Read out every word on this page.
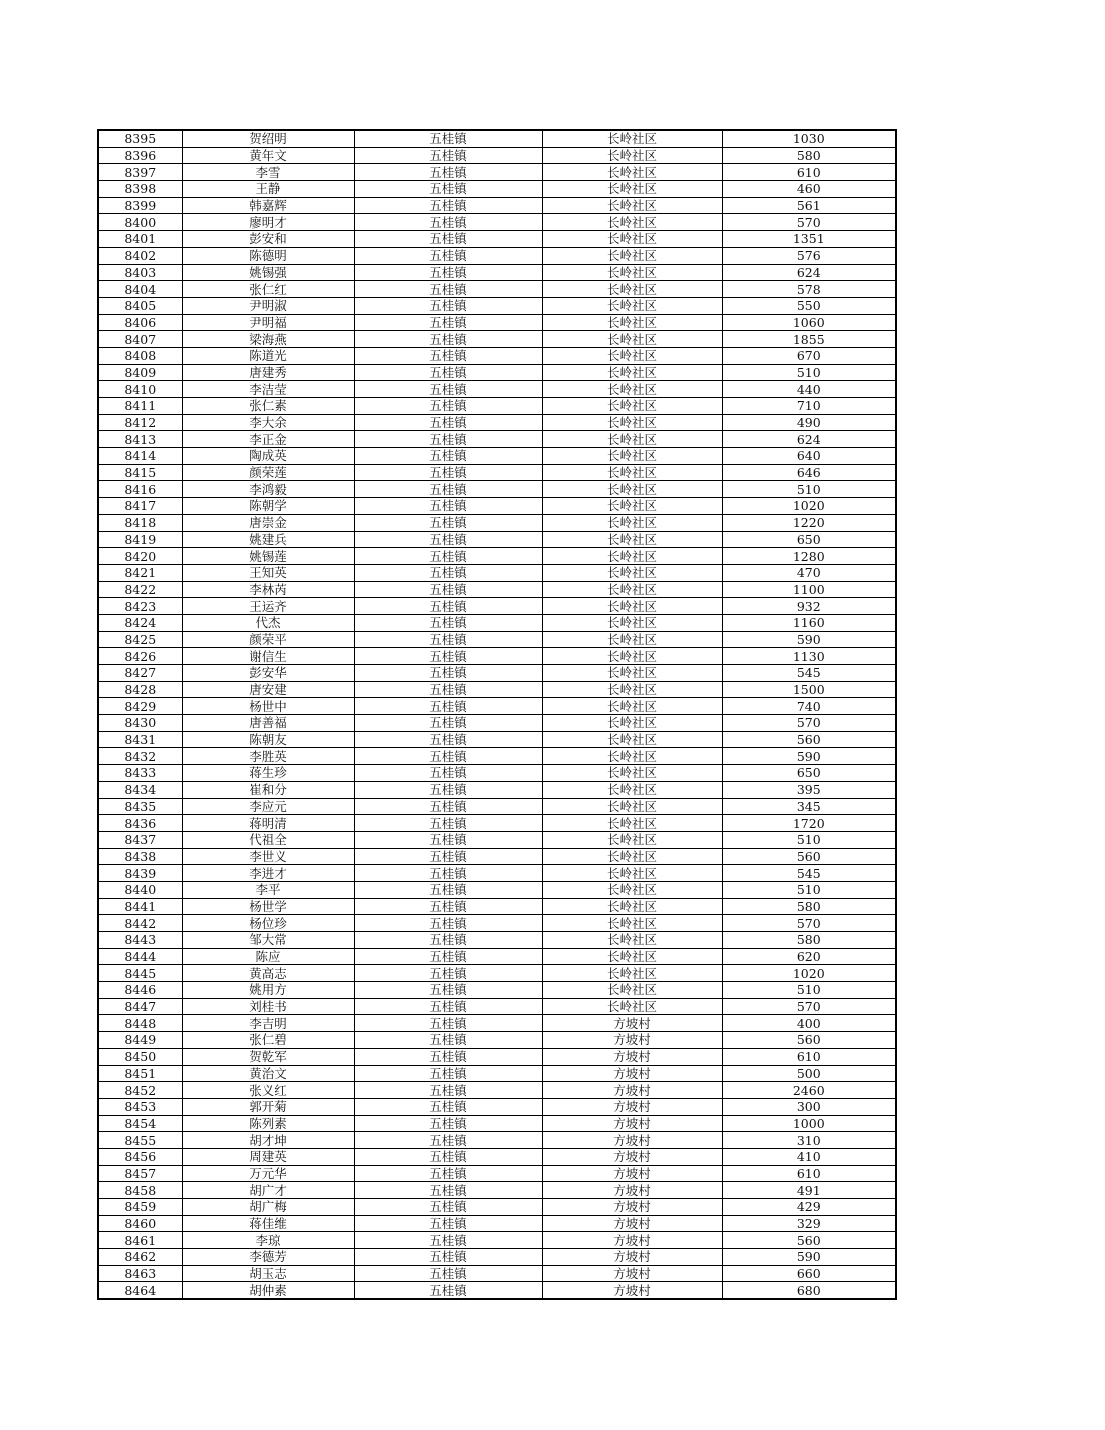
8395	贺绍明	五桂镇	长岭社区	1030
8396	黄年文	五桂镇	长岭社区	580
8397	李雪	五桂镇	长岭社区	610
8398	王静	五桂镇	长岭社区	460
8399	韩嘉辉	五桂镇	长岭社区	561
8400	廖明才	五桂镇	长岭社区	570
8401	彭安和	五桂镇	长岭社区	1351
8402	陈德明	五桂镇	长岭社区	576
8403	姚锡强	五桂镇	长岭社区	624
8404	张仁红	五桂镇	长岭社区	578
8405	尹明淑	五桂镇	长岭社区	550
8406	尹明福	五桂镇	长岭社区	1060
8407	梁海燕	五桂镇	长岭社区	1855
8408	陈道光	五桂镇	长岭社区	670
8409	唐建秀	五桂镇	长岭社区	510
8410	李洁莹	五桂镇	长岭社区	440
8411	张仁素	五桂镇	长岭社区	710
8412	李大余	五桂镇	长岭社区	490
8413	李正金	五桂镇	长岭社区	624
8414	陶成英	五桂镇	长岭社区	640
8415	颜荣莲	五桂镇	长岭社区	646
8416	李鸿毅	五桂镇	长岭社区	510
8417	陈朝学	五桂镇	长岭社区	1020
8418	唐崇金	五桂镇	长岭社区	1220
8419	姚建兵	五桂镇	长岭社区	650
8420	姚锡莲	五桂镇	长岭社区	1280
8421	王知英	五桂镇	长岭社区	470
8422	李林芮	五桂镇	长岭社区	1100
8423	王运齐	五桂镇	长岭社区	932
8424	代杰	五桂镇	长岭社区	1160
8425	颜荣平	五桂镇	长岭社区	590
8426	谢信生	五桂镇	长岭社区	1130
8427	彭安华	五桂镇	长岭社区	545
8428	唐安建	五桂镇	长岭社区	1500
8429	杨世中	五桂镇	长岭社区	740
8430	唐善福	五桂镇	长岭社区	570
8431	陈朝友	五桂镇	长岭社区	560
8432	李胜英	五桂镇	长岭社区	590
8433	蒋生珍	五桂镇	长岭社区	650
8434	崔和分	五桂镇	长岭社区	395
8435	李应元	五桂镇	长岭社区	345
8436	蒋明清	五桂镇	长岭社区	1720
8437	代祖全	五桂镇	长岭社区	510
8438	李世义	五桂镇	长岭社区	560
8439	李进才	五桂镇	长岭社区	545
8440	李平	五桂镇	长岭社区	510
8441	杨世学	五桂镇	长岭社区	580
8442	杨位珍	五桂镇	长岭社区	570
8443	邹大常	五桂镇	长岭社区	580
8444	陈应	五桂镇	长岭社区	620
8445	黄高志	五桂镇	长岭社区	1020
8446	姚用方	五桂镇	长岭社区	510
8447	刘桂书	五桂镇	长岭社区	570
8448	李吉明	五桂镇	方坡村	400
8449	张仁碧	五桂镇	方坡村	560
8450	贺乾军	五桂镇	方坡村	610
8451	黄治文	五桂镇	方坡村	500
8452	张义红	五桂镇	方坡村	2460
8453	郭开菊	五桂镇	方坡村	300
8454	陈列素	五桂镇	方坡村	1000
8455	胡才坤	五桂镇	方坡村	310
8456	周建英	五桂镇	方坡村	410
8457	万元华	五桂镇	方坡村	610
8458	胡广才	五桂镇	方坡村	491
8459	胡广梅	五桂镇	方坡村	429
8460	蒋佳维	五桂镇	方坡村	329
8461	李琼	五桂镇	方坡村	560
8462	李德芳	五桂镇	方坡村	590
8463	胡玉志	五桂镇	方坡村	660
8464	胡仲素	五桂镇	方坡村	680
